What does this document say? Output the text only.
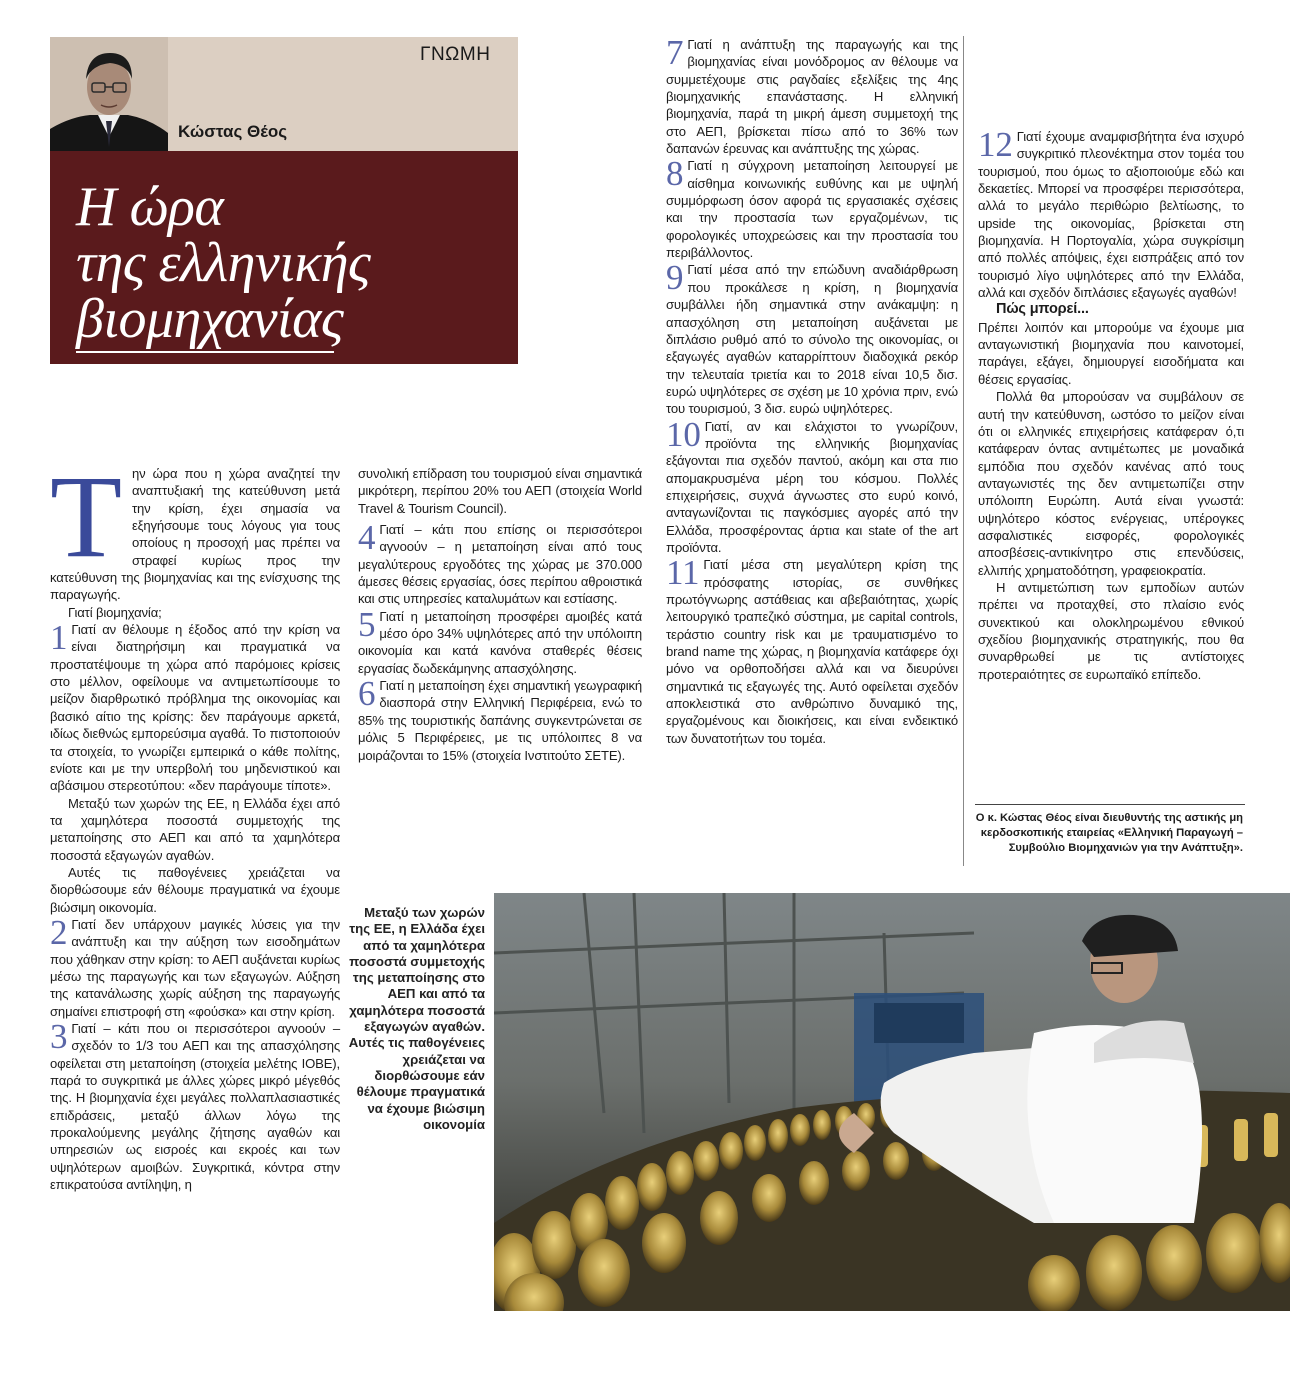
ΓΝΩΜΗ
Κώστας Θέος
Η ώρα
της ελληνικής
βιομηχανίας
Τ ην ώρα που η χώρα αναζητεί την αναπτυξιακή της κατεύθυνση μετά την κρίση, έχει σημασία να εξηγήσουμε τους λόγους για τους οποίους η προσοχή μας πρέπει να στραφεί κυρίως προς την κατεύθυνση της βιομηχανίας και της ενίσχυσης της παραγωγής.

Γιατί βιομηχανία;

1 Γιατί αν θέλουμε η έξοδος από την κρίση να είναι διατηρήσιμη και πραγματικά να προστατέψουμε τη χώρα από παρόμοιες κρίσεις στο μέλλον, οφείλουμε να αντιμετωπίσουμε το μείζον διαρθρωτικό πρόβλημα της οικονομίας και βασικό αίτιο της κρίσης: δεν παράγουμε αρκετά, ιδίως διεθνώς εμπορεύσιμα αγαθά. Το πιστοποιούν τα στοιχεία, το γνωρίζει εμπειρικά ο κάθε πολίτης, ενίοτε και με την υπερβολή του μηδενιστικού και αβάσιμου στερεοτύπου: «δεν παράγουμε τίποτε».

Μεταξύ των χωρών της ΕΕ, η Ελλάδα έχει από τα χαμηλότερα ποσοστά συμμετοχής της μεταποίησης στο ΑΕΠ και από τα χαμηλότερα ποσοστά εξαγωγών αγαθών.

Αυτές τις παθογένειες χρειάζεται να διορθώσουμε εάν θέλουμε πραγματικά να έχουμε βιώσιμη οικονομία.

2 Γιατί δεν υπάρχουν μαγικές λύσεις για την ανάπτυξη και την αύξηση των εισοδημάτων που χάθηκαν στην κρίση: το ΑΕΠ αυξάνεται κυρίως μέσω της παραγωγής και των εξαγωγών. Αύξηση της κατανάλωσης χωρίς αύξηση της παραγωγής σημαίνει επιστροφή στη «φούσκα» και στην κρίση.

3 Γιατί – κάτι που οι περισσότεροι αγνοούν – σχεδόν το 1/3 του ΑΕΠ και της απασχόλησης οφείλεται στη μεταποίηση (στοιχεία μελέτης ΙΟΒΕ), παρά το συγκριτικά με άλλες χώρες μικρό μέγεθός της. Η βιομηχανία έχει μεγάλες πολλαπλασιαστικές επιδράσεις, μεταξύ άλλων λόγω της προκαλούμενης μεγάλης ζήτησης αγαθών και υπηρεσιών ως εισροές και εκροές και των υψηλότερων αμοιβών. Συγκριτικά, κόντρα στην επικρατούσα αντίληψη, η

συνολική επίδραση του τουρισμού είναι σημαντικά μικρότερη, περίπου 20% του ΑΕΠ (στοιχεία World Travel & Tourism Council).

4 Γιατί – κάτι που επίσης οι περισσότεροι αγνοούν – η μεταποίηση είναι από τους μεγαλύτερους εργοδότες της χώρας με 370.000 άμεσες θέσεις εργασίας, όσες περίπου αθροιστικά και στις υπηρεσίες καταλυμάτων και εστίασης.

5 Γιατί η μεταποίηση προσφέρει αμοιβές κατά μέσο όρο 34% υψηλότερες από την υπόλοιπη οικονομία και κατά κανόνα σταθερές θέσεις εργασίας δωδεκάμηνης απασχόλησης.

6 Γιατί η μεταποίηση έχει σημαντική γεωγραφική διασπορά στην Ελληνική Περιφέρεια, ενώ το 85% της τουριστικής δαπάνης συγκεντρώνεται σε μόλις 5 Περιφέρειες, με τις υπόλοιπες 8 να μοιράζονται το 15% (στοιχεία Ινστιτούτο ΣΕΤΕ).

7 Γιατί η ανάπτυξη της παραγωγής και της βιομηχανίας είναι μονόδρομος αν θέλουμε να συμμετέχουμε στις ραγδαίες εξελίξεις της 4ης βιομηχανικής επανάστασης. Η ελληνική βιομηχανία, παρά τη μικρή άμεση συμμετοχή της στο ΑΕΠ, βρίσκεται πίσω από το 36% των δαπανών έρευνας και ανάπτυξης της χώρας.

8 Γιατί η σύγχρονη μεταποίηση λειτουργεί με αίσθημα κοινωνικής ευθύνης και με υψηλή συμμόρφωση όσον αφορά τις εργασιακές σχέσεις και την προστασία των εργαζομένων, τις φορολογικές υποχρεώσεις και την προστασία του περιβάλλοντος.

9 Γιατί μέσα από την επώδυνη αναδιάρθρωση που προκάλεσε η κρίση, η βιομηχανία συμβάλλει ήδη σημαντικά στην ανάκαμψη: η απασχόληση στη μεταποίηση αυξάνεται με διπλάσιο ρυθμό από το σύνολο της οικονομίας, οι εξαγωγές αγαθών καταρρίπτουν διαδοχικά ρεκόρ την τελευταία τριετία και το 2018 είναι 10,5 δισ. ευρώ υψηλότερες σε σχέση με 10 χρόνια πριν, ενώ του τουρισμού, 3 δισ. ευρώ υψηλότερες.

10 Γιατί, αν και ελάχιστοι το γνωρίζουν, προϊόντα της ελληνικής βιομηχανίας εξάγονται πια σχεδόν παντού, ακόμη και στα πιο απομακρυσμένα μέρη του κόσμου. Πολλές επιχειρήσεις, συχνά άγνωστες στο ευρύ κοινό, ανταγωνίζονται τις παγκόσμιες αγορές από την Ελλάδα, προσφέροντας άρτια και state of the art προϊόντα.

11 Γιατί μέσα στη μεγαλύτερη κρίση της πρόσφατης ιστορίας, σε συνθήκες πρωτόγνωρης αστάθειας και αβεβαιότητας, χωρίς λειτουργικό τραπεζικό σύστημα, με capital controls, τεράστιο country risk και με τραυματισμένο το brand name της χώρας, η βιομηχανία κατάφερε όχι μόνο να ορθοποδήσει αλλά και να διευρύνει σημαντικά τις εξαγωγές της. Αυτό οφείλεται σχεδόν αποκλειστικά στο ανθρώπινο δυναμικό της, εργαζομένους και διοικήσεις, και είναι ενδεικτικό των δυνατοτήτων του τομέα.

12 Γιατί έχουμε αναμφισβήτητα ένα ισχυρό συγκριτικό πλεονέκτημα στον τομέα του τουρισμού, που όμως το αξιοποιούμε εδώ και δεκαετίες. Μπορεί να προσφέρει περισσότερα, αλλά το μεγάλο περιθώριο βελτίωσης, το upside της οικονομίας, βρίσκεται στη βιομηχανία. Η Πορτογαλία, χώρα συγκρίσιμη από πολλές απόψεις, έχει εισπράξεις από τον τουρισμό λίγο υψηλότερες από την Ελλάδα, αλλά και σχεδόν διπλάσιες εξαγωγές αγαθών!

Πώς μπορεί...

Πρέπει λοιπόν και μπορούμε να έχουμε μια ανταγωνιστική βιομηχανία που καινοτομεί, παράγει, εξάγει, δημιουργεί εισοδήματα και θέσεις εργασίας.

Πολλά θα μπορούσαν να συμβάλουν σε αυτή την κατεύθυνση, ωστόσο το μείζον είναι ότι οι ελληνικές επιχειρήσεις κατάφεραν ό,τι κατάφεραν όντας αντιμέτωπες με μοναδικά εμπόδια που σχεδόν κανένας από τους ανταγωνιστές της δεν αντιμετωπίζει στην υπόλοιπη Ευρώπη. Αυτά είναι γνωστά: υψηλότερο κόστος ενέργειας, υπέρογκες ασφαλιστικές εισφορές, φορολογικές αποσβέσεις-αντικίνητρο στις επενδύσεις, ελλιπής χρηματοδότηση, γραφειοκρατία.

Η αντιμετώπιση των εμποδίων αυτών πρέπει να προταχθεί, στο πλαίσιο ενός συνεκτικού και ολοκληρωμένου εθνικού σχεδίου βιομηχανικής στρατηγικής, που θα συναρθρωθεί με τις αντίστοιχες προτεραιότητες σε ευρωπαϊκό επίπεδο.

Ο κ. Κώστας Θέος είναι διευθυντής της αστικής μη κερδοσκοπικής εταιρείας «Ελληνική Παραγωγή – Συμβούλιο Βιομηχανιών για την Ανάπτυξη».
Μεταξύ των χωρών της ΕΕ, η Ελλάδα έχει από τα χαμηλότερα ποσοστά συμμετοχής της μεταποίησης στο ΑΕΠ και από τα χαμηλότερα ποσοστά εξαγωγών αγαθών. Αυτές τις παθογένειες χρειάζεται να διορθώσουμε εάν θέλουμε πραγματικά να έχουμε βιώσιμη οικονομία
